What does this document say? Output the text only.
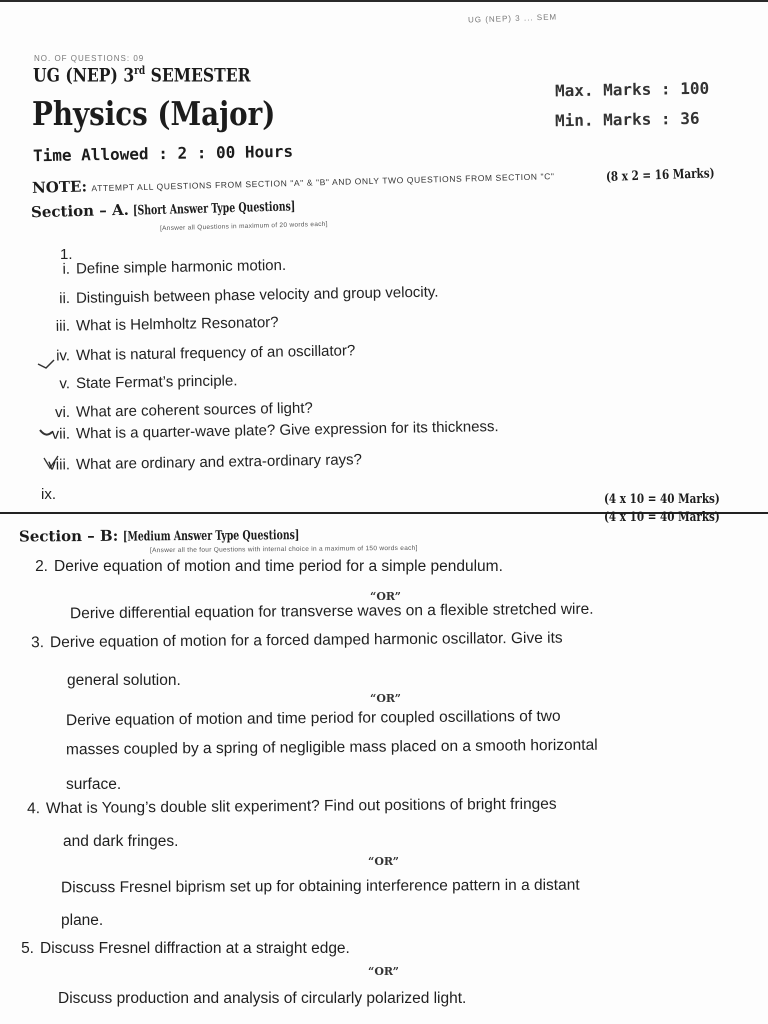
UG (NEP) 3 ... SEM
NO. OF QUESTIONS: 09
UG (NEP) 3rd SEMESTER
Physics (Major)
Max. Marks : 100
Min. Marks : 36
Time Allowed : 2 : 00 Hours
NOTE: ATTEMPT ALL QUESTIONS FROM SECTION "A" & "B" AND ONLY TWO QUESTIONS FROM SECTION "C"	(8 x 2 = 16 Marks)
Section – A. [Short Answer Type Questions]
[Answer all Questions in maximum of 20 words each]
1.
i. Define simple harmonic motion.
ii. Distinguish between phase velocity and group velocity.
iii. What is Helmholtz Resonator?
iv. What is natural frequency of an oscillator?
v. State Fermat’s principle.
vi. What are coherent sources of light?
vii. What is a quarter-wave plate? Give expression for its thickness.
viii. What are ordinary and extra-ordinary rays?
ix.	(4 x 10 = 40 Marks)
(4 x 10 = 40 Marks)
Section – B: [Medium Answer Type Questions]
[Answer all the four Questions with internal choice in a maximum of 150 words each]
2. Derive equation of motion and time period for a simple pendulum.
“OR”
Derive differential equation for transverse waves on a flexible stretched wire.
3. Derive equation of motion for a forced damped harmonic oscillator. Give its
general solution.
“OR”
Derive equation of motion and time period for coupled oscillations of two
masses coupled by a spring of negligible mass placed on a smooth horizontal
surface.
4. What is Young’s double slit experiment? Find out positions of bright fringes
and dark fringes.
“OR”
Discuss Fresnel biprism set up for obtaining interference pattern in a distant
plane.
5. Discuss Fresnel diffraction at a straight edge.
“OR”
Discuss production and analysis of circularly polarized light.
